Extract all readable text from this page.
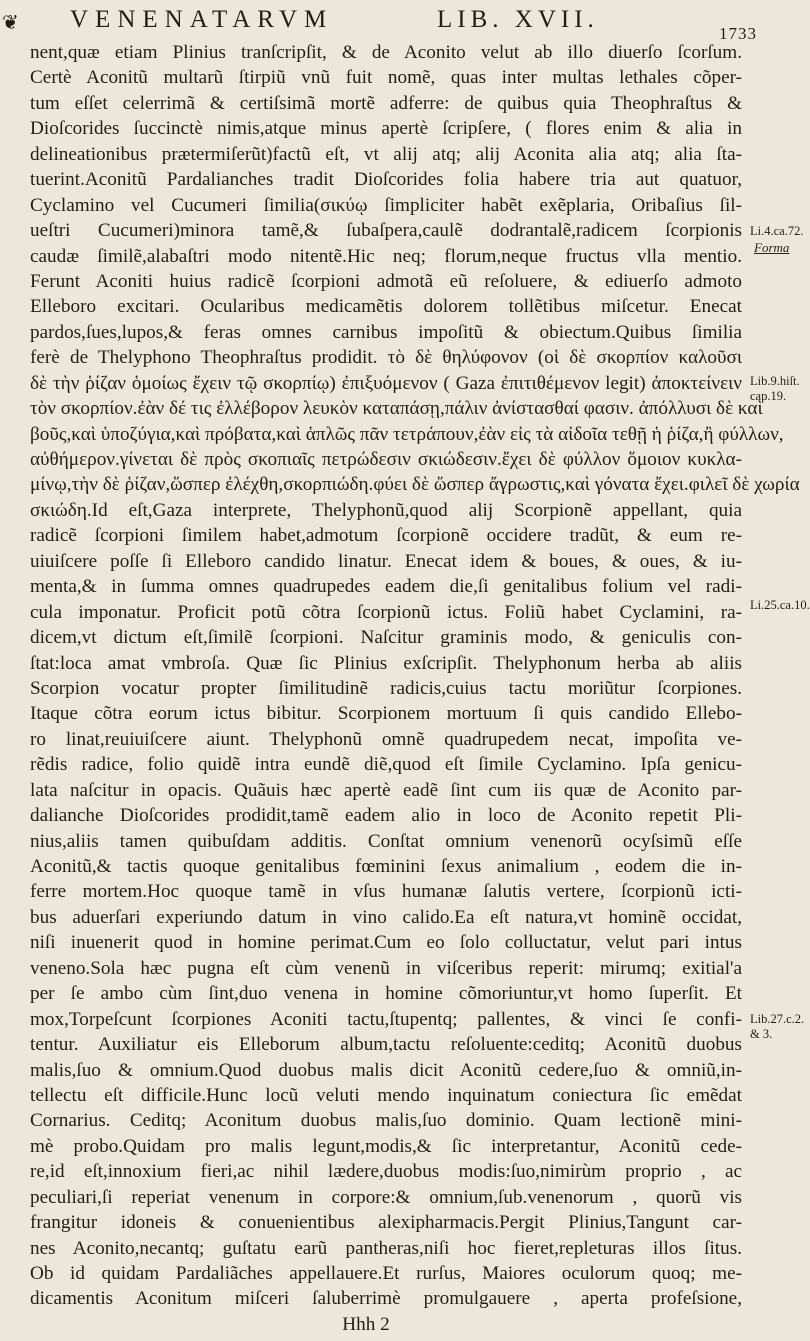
❦ VENENATARVM	LIB. XVII.
1733
nent,quæ etiam Plinius tranſcripſit, & de Aconito velut ab illo diuerſo ſcorſum.
Certè Aconitũ multarũ ſtirpiũ vnũ fuit nomẽ, quas inter multas lethales cõper-
tum eſſet celerrimã & certiſsimã mortẽ adferre: de quibus quia Theophraſtus &
Dioſcorides ſuccinctè nimis,atque minus apertè ſcripſere, ( flores enim & alia in
delineationibus prætermiſerũt)factũ eſt, vt alij atq; alij Aconita alia atq; alia ſta-
tuerint.Aconitũ Pardalianches tradit Dioſcorides folia habere tria aut quatuor,
Cyclamino vel Cucumeri ſimilia(σικύῳ ſimpliciter habẽt exẽplaria, Oribaſius ſil-
ueſtri Cucumeri)minora tamẽ,& ſubaſpera,caulẽ dodrantalẽ,radicem ſcorpionis
caudæ ſimilẽ,alabaſtri modo nitentẽ.Hic neq; florum,neque fructus vlla mentio.
Ferunt Aconiti huius radicẽ ſcorpioni admotã eũ reſoluere, & ediuerſo admoto
Elleboro excitari. Ocularibus medicamẽtis dolorem tollẽtibus miſcetur. Enecat
pardos,ſues,lupos,& feras omnes carnibus impoſitũ & obiectum.Quibus ſimilia
ferè de Thelyphono Theophraſtus prodidit. τὸ δὲ θηλύφονον (οἱ δὲ σκορπίον καλοῦσι
δὲ τὴν ῥίζαν ὁμοίως ἔχειν τῷ σκορπίῳ) ἐπιξυόμενον ( Gaza ἐπιτιθέμενον legit) ἀποκτείνειν
τὸν σκορπίον.ἐὰν δέ τις ἐλλέβορον λευκὸν καταπάσῃ,πάλιν ἀνίστασθαί φασιν. ἀπόλλυσι δὲ καὶ
βοῦς,καὶ ὑποζύγια,καὶ πρόβατα,καὶ ἁπλῶς πᾶν τετράπουν,ἐὰν εἰς τὰ αἰδοῖα τεθῇ ἡ ῥίζα,ἢ φύλλων,
αὐθήμερον.γίνεται δὲ πρὸς σκοπιαῖς πετρώδεσιν σκιώδεσιν.ἔχει δὲ φύλλον ὅμοιον κυκλα-
μίνῳ,τὴν δὲ ῥίζαν,ὥσπερ ἐλέχθη,σκορπιώδη.φύει δὲ ὥσπερ ἄγρωστις,καὶ γόνατα ἔχει.φιλεῖ δὲ χωρία
σκιώδη.Id eſt,Gaza interprete, Thelyphonũ,quod alij Scorpionẽ appellant, quia
radicẽ ſcorpioni ſimilem habet,admotum ſcorpionẽ occidere tradũt, & eum re-
uiuiſcere poſſe ſi Elleboro candido linatur. Enecat idem & boues, & oues, & iu-
menta,& in ſumma omnes quadrupedes eadem die,ſi genitalibus folium vel radi-
cula imponatur. Proficit potũ cõtra ſcorpionũ ictus. Foliũ habet Cyclamini, ra-
dicem,vt dictum eſt,ſimilẽ ſcorpioni. Naſcitur graminis modo, & geniculis con-
ſtat:loca amat vmbroſa. Quæ ſic Plinius exſcripſit. Thelyphonum herba ab aliis
Scorpion vocatur propter ſimilitudinẽ radicis,cuius tactu moriũtur ſcorpiones.
Itaque cõtra eorum ictus bibitur. Scorpionem mortuum ſi quis candido Ellebo-
ro linat,reuiuiſcere aiunt. Thelyphonũ omnẽ quadrupedem necat, impoſita ve-
rẽdis radice, folio quidẽ intra eundẽ diẽ,quod eſt ſimile Cyclamino. Ipſa genicu-
lata naſcitur in opacis. Quãuis hæc apertè eadẽ ſint cum iis quæ de Aconito par-
dalianche Dioſcorides prodidit,tamẽ eadem alio in loco de Aconito repetit Pli-
nius,aliis tamen quibuſdam additis. Conſtat omnium venenorũ ocyſsimũ eſſe
Aconitũ,& tactis quoque genitalibus fœminini ſexus animalium , eodem die in-
ferre mortem.Hoc quoque tamẽ in vſus humanæ ſalutis vertere, ſcorpionũ icti-
bus aduerſari experiundo datum in vino calido.Ea eſt natura,vt hominẽ occidat,
niſi inuenerit quod in homine perimat.Cum eo ſolo colluctatur, velut pari intus
veneno.Sola hæc pugna eſt cùm venenũ in viſceribus reperit: mirumq; exitial'a
per ſe ambo cùm ſint,duo venena in homine cõmoriuntur,vt homo ſuperſit. Et
mox,Torpeſcunt ſcorpiones Aconiti tactu,ſtupentq; pallentes, & vinci ſe confi-
tentur. Auxiliatur eis Elleborum album,tactu reſoluente:ceditq; Aconitũ duobus
malis,ſuo & omnium.Quod duobus malis dicit Aconitũ cedere,ſuo & omniũ,in-
tellectu eſt difficile.Hunc locũ veluti mendo inquinatum coniectura ſic emẽdat
Cornarius. Ceditq; Aconitum duobus malis,ſuo dominio. Quam lectionẽ mini-
mè probo.Quidam pro malis legunt,modis,& ſic interpretantur, Aconitũ cede-
re,id eſt,innoxium fieri,ac nihil lædere,duobus modis:ſuo,nimirùm proprio , ac
peculiari,ſi reperiat venenum in corpore:& omnium,ſub.venenorum , quorũ vis
frangitur idoneis & conuenientibus alexipharmacis.Pergit Plinius,Tangunt car-
nes Aconito,necantq; guſtatu earũ pantheras,niſi hoc fieret,repleturas illos ſitus.
Ob id quidam Pardaliãches appellauere.Et rurſus, Maiores oculorum quoq; me-
dicamentis Aconitum miſceri ſaluberrimè promulgauere , aperta profeſsione,
Hhh 2
Li.4.ca.72.
Forma
Lib.9.hiſt.
cap.19.
Li.25.ca.10.
Lib.27.c.2.
& 3.
